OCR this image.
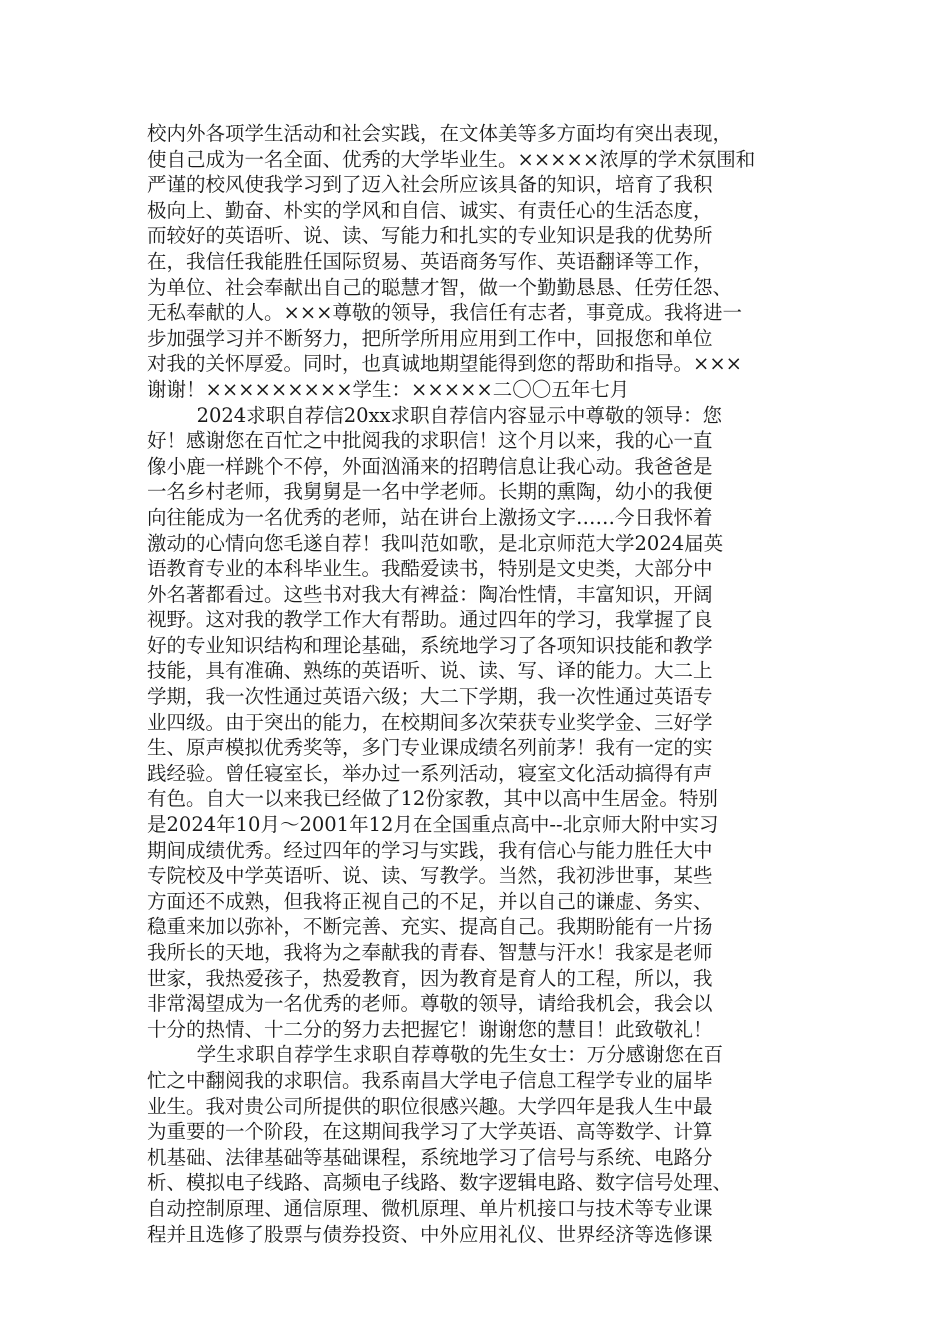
校内外各项学生活动和社会实践，在文体美等多方面均有突出表现，
使自己成为一名全面、优秀的大学毕业生。×××××浓厚的学术氛围和
严谨的校风使我学习到了迈入社会所应该具备的知识，培育了我积
极向上、勤奋、朴实的学风和自信、诚实、有责任心的生活态度，
而较好的英语听、说、读、写能力和扎实的专业知识是我的优势所
在，我信任我能胜任国际贸易、英语商务写作、英语翻译等工作，
为单位、社会奉献出自己的聪慧才智，做一个勤勤恳恳、任劳任怨、
无私奉献的人。×××尊敬的领导，我信任有志者，事竟成。我将进一
步加强学习并不断努力，把所学所用应用到工作中，回报您和单位
对我的关怀厚爱。同时，也真诚地期望能得到您的帮助和指导。×××
谢谢！×××××××××学生：×××××二〇〇五年七月
2024求职自荐信20xx求职自荐信内容显示中尊敬的领导：您
好！感谢您在百忙之中批阅我的求职信！这个月以来，我的心一直
像小鹿一样跳个不停，外面汹涌来的招聘信息让我心动。我爸爸是
一名乡村老师，我舅舅是一名中学老师。长期的熏陶，幼小的我便
向往能成为一名优秀的老师，站在讲台上激扬文字……今日我怀着
激动的心情向您毛遂自荐！我叫范如歌，是北京师范大学2024届英
语教育专业的本科毕业生。我酷爱读书，特别是文史类，大部分中
外名著都看过。这些书对我大有裨益：陶冶性情，丰富知识，开阔
视野。这对我的教学工作大有帮助。通过四年的学习，我掌握了良
好的专业知识结构和理论基础，系统地学习了各项知识技能和教学
技能，具有准确、熟练的英语听、说、读、写、译的能力。大二上
学期，我一次性通过英语六级；大二下学期，我一次性通过英语专
业四级。由于突出的能力，在校期间多次荣获专业奖学金、三好学
生、原声模拟优秀奖等，多门专业课成绩名列前茅！我有一定的实
践经验。曾任寝室长，举办过一系列活动，寝室文化活动搞得有声
有色。自大一以来我已经做了12份家教，其中以高中生居金。特别
是2024年10月～2001年12月在全国重点高中--北京师大附中实习
期间成绩优秀。经过四年的学习与实践，我有信心与能力胜任大中
专院校及中学英语听、说、读、写教学。当然，我初涉世事，某些
方面还不成熟，但我将正视自己的不足，并以自己的谦虚、务实、
稳重来加以弥补，不断完善、充实、提高自己。我期盼能有一片扬
我所长的天地，我将为之奉献我的青春、智慧与汗水！我家是老师
世家，我热爱孩子，热爱教育，因为教育是育人的工程，所以，我
非常渴望成为一名优秀的老师。尊敬的领导，请给我机会，我会以
十分的热情、十二分的努力去把握它！谢谢您的慧目！此致敬礼！
学生求职自荐学生求职自荐尊敬的先生女士：万分感谢您在百
忙之中翻阅我的求职信。我系南昌大学电子信息工程学专业的届毕
业生。我对贵公司所提供的职位很感兴趣。大学四年是我人生中最
为重要的一个阶段，在这期间我学习了大学英语、高等数学、计算
机基础、法律基础等基础课程，系统地学习了信号与系统、电路分
析、模拟电子线路、高频电子线路、数字逻辑电路、数字信号处理、
自动控制原理、通信原理、微机原理、单片机接口与技术等专业课
程并且选修了股票与债券投资、中外应用礼仪、世界经济等选修课
